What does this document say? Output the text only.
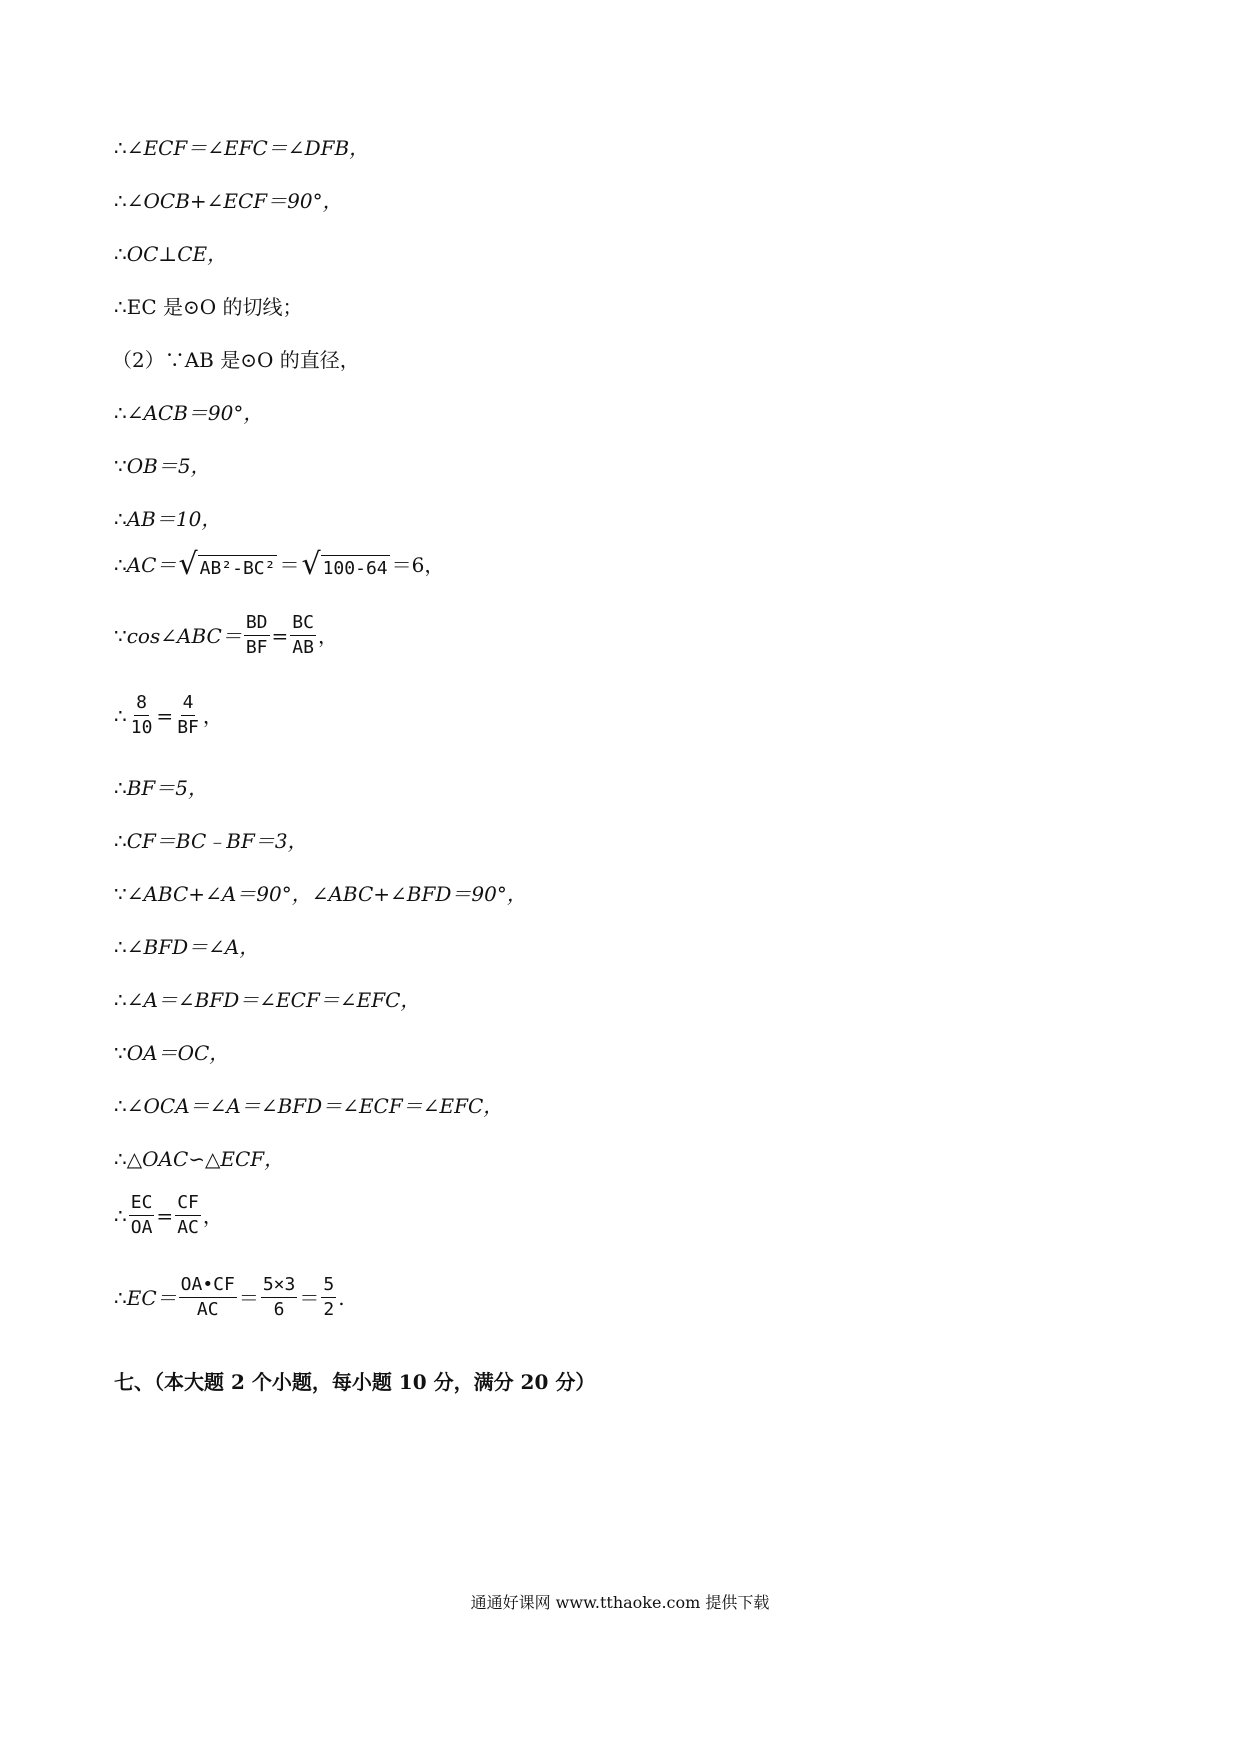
∴ ∠ECF＝∠EFC＝∠DFB，
∴ ∠OCB+∠ECF＝90°，
∴ OC⊥CE，
∴ EC 是⊙O 的切线；
（2）∵ AB 是⊙O 的直径，
∴ ∠ACB＝90°，
∵ OB＝5，
∴ AB＝10，
∴ AC＝ √ AB²-BC² ＝ √ 100-64 ＝6，
∵ cos∠ABC＝ $\frac{BD}{BF} = \frac{BC}{AB}$ ，
∴ $\frac{8}{10} = \frac{4}{BF}$ ，
∴ BF＝5，
∴ CF＝BC﹣BF＝3，
∵ ∠ABC+∠A＝90°，∠ABC+∠BFD＝90°，
∴ ∠BFD＝∠A，
∴ ∠A＝∠BFD＝∠ECF＝∠EFC，
∵ OA＝OC，
∴ ∠OCA＝∠A＝∠BFD＝∠ECF＝∠EFC，
∴ △OAC∽△ECF，
∴ $\frac{EC}{OA} = \frac{CF}{AC}$ ，
∴ $EC= \frac{OA•CF}{AC} = \frac{5\times 3}{6} = \frac{5}{2}$ .
七、（本大题 2 个小题，每小题 10 分，满分 20 分）
通通好课网 www.tthaoke.com 提供下载
